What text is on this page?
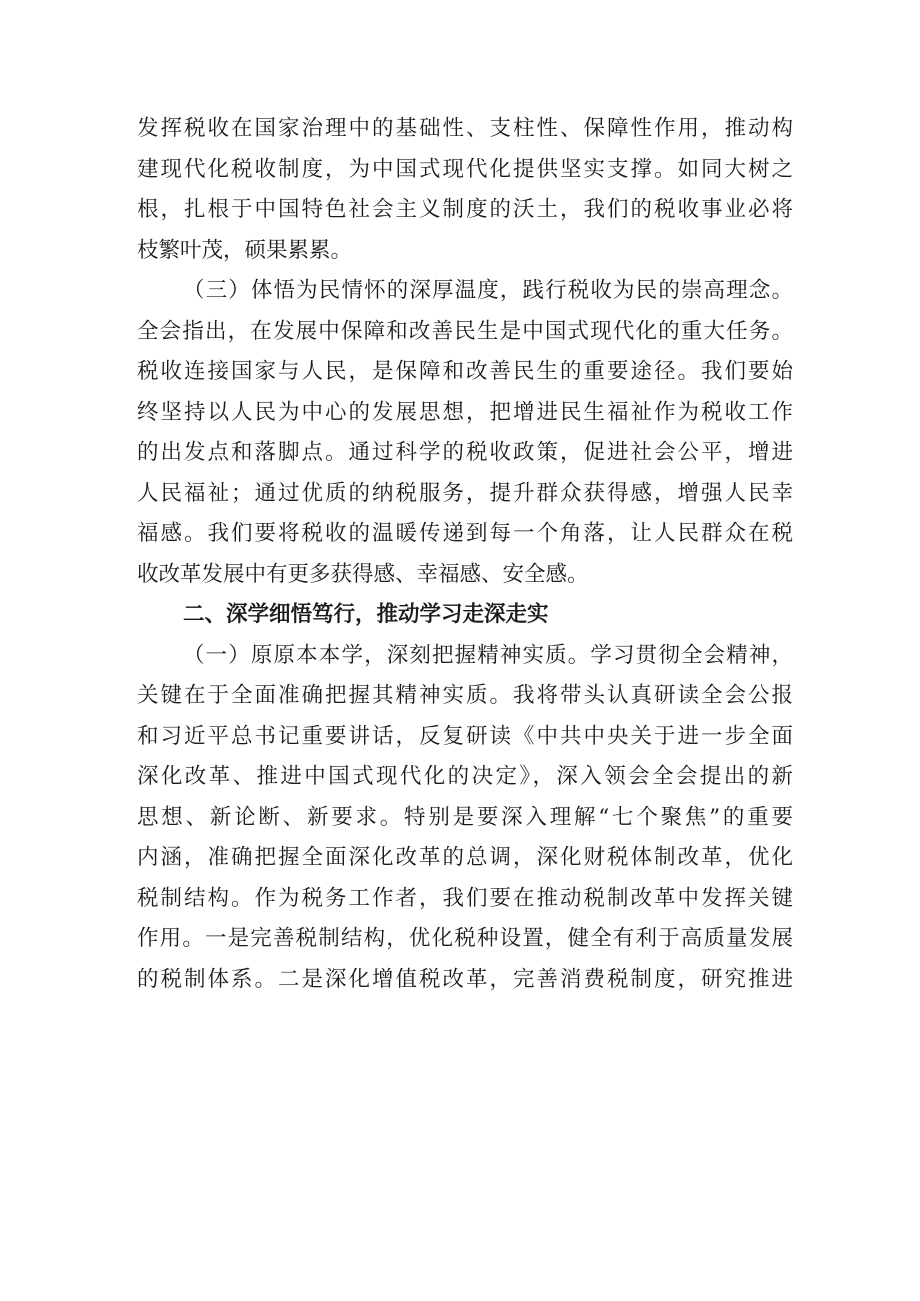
发挥税收在国家治理中的基础性、支柱性、保障性作用，推动构
建现代化税收制度，为中国式现代化提供坚实支撑。如同大树之
根，扎根于中国特色社会主义制度的沃土，我们的税收事业必将
枝繁叶茂，硕果累累。
（三）体悟为民情怀的深厚温度，践行税收为民的崇高理念。
全会指出，在发展中保障和改善民生是中国式现代化的重大任务。
税收连接国家与人民，是保障和改善民生的重要途径。我们要始
终坚持以人民为中心的发展思想，把增进民生福祉作为税收工作
的出发点和落脚点。通过科学的税收政策，促进社会公平，增进
人民福祉；通过优质的纳税服务，提升群众获得感，增强人民幸
福感。我们要将税收的温暖传递到每一个角落，让人民群众在税
收改革发展中有更多获得感、幸福感、安全感。
二、深学细悟笃行，推动学习走深走实
（一）原原本本学，深刻把握精神实质。学习贯彻全会精神，
关键在于全面准确把握其精神实质。我将带头认真研读全会公报
和习近平总书记重要讲话，反复研读《中共中央关于进一步全面
深化改革、推进中国式现代化的决定》，深入领会全会提出的新
思想、新论断、新要求。特别是要深入理解“七个聚焦”的重要
内涵，准确把握全面深化改革的总调，深化财税体制改革，优化
税制结构。作为税务工作者，我们要在推动税制改革中发挥关键
作用。一是完善税制结构，优化税种设置，健全有利于高质量发展
的税制体系。二是深化增值税改革，完善消费税制度，研究推进
